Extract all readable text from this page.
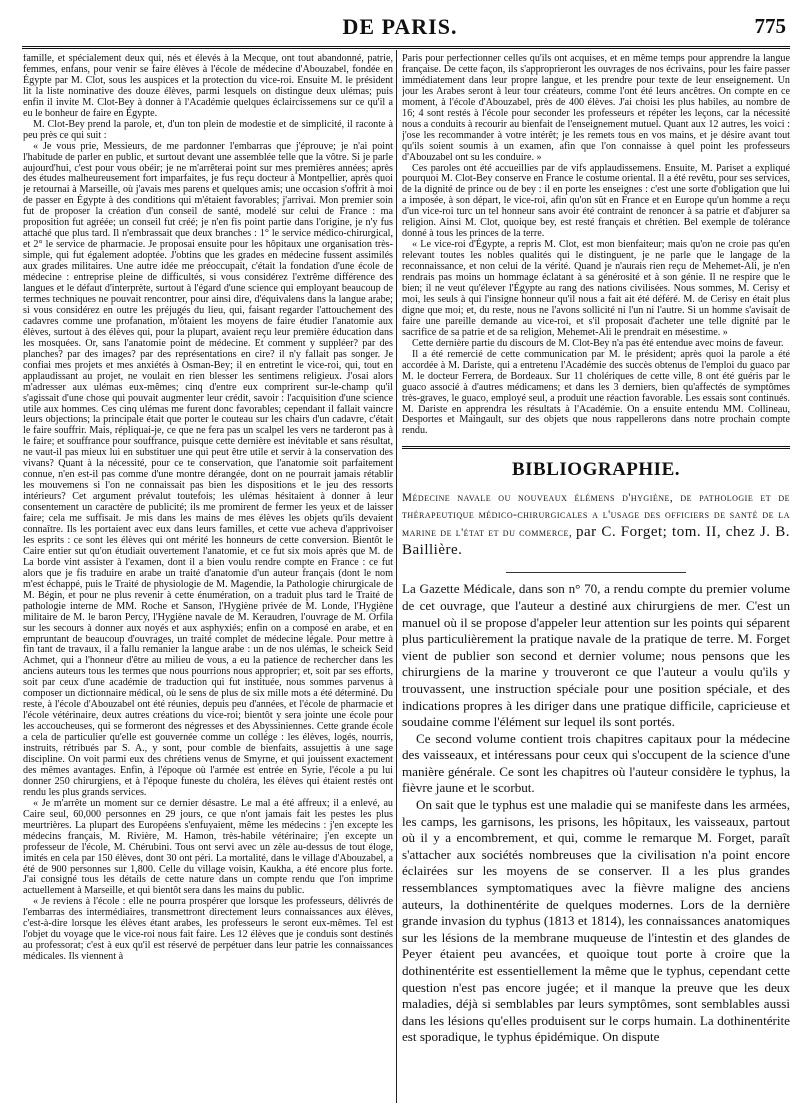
DE PARIS.	775

famille, et spécialement deux qui, nés et élevés à la Mecque, ont tout abandonné, patrie, femmes, enfans, pour venir se faire élèves à l'école de médecine d'Abouzabel, fondée en Égypte par M. Clot, sous les auspices et la protection du vice-roi. Ensuite M. le président lit la liste nominative des douze élèves, parmi lesquels on distingue deux ulémas; puis enfin il invite M. Clot-Bey à donner à l'Académie quelques éclaircissemens sur ce qu'il a eu le bonheur de faire en Égypte.

M. Clot-Bey prend la parole, et, d'un ton plein de modestie et de simplicité, il raconte à peu près ce qui suit :

« Je vous prie, Messieurs, de me pardonner l'embarras que j'éprouve; je n'ai point l'habitude de parler en public, et surtout devant une assemblée telle que la vôtre. Si je parle aujourd'hui, c'est pour vous obéir; je ne m'arrêterai point sur mes premières années; après des études malheureusement fort imparfaites, je fus reçu docteur à Montpellier, après quoi je retournai à Marseille, où j'avais mes parens et quelques amis; une occasion s'offrit à moi de passer en Égypte à des conditions qui m'étaient favorables; j'arrivai. Mon premier soin fut de proposer la création d'un conseil de santé, modelé sur celui de France : ma proposition fut agréée; un conseil fut créé; je n'en fis point partie dans l'origine, je n'y fus attaché que plus tard. Il n'embrassait que deux branches : 1° le service médico-chirurgical, et 2° le service de pharmacie. Je proposai ensuite pour les hôpitaux une organisation très-simple, qui fut également adoptée. J'obtins que les grades en médecine fussent assimilés aux grades militaires. Une autre idée me préoccupait, c'était la fondation d'une école de médecine : entreprise pleine de difficultés, si vous considérez l'extrême différence des langues et le défaut d'interprète, surtout à l'égard d'une science qui employant beaucoup de termes techniques ne pouvait rencontrer, pour ainsi dire, d'équivalens dans la langue arabe; si vous considérez en outre les préjugés du lieu, qui, faisant regarder l'attouchement des cadavres comme une profanation, m'ôtaient les moyens de faire étudier l'anatomie aux élèves, surtout à des élèves qui, pour la plupart, avaient reçu leur première éducation dans les mosquées. Or, sans l'anatomie point de médecine. Et comment y suppléer? par des planches? par des images? par des représentations en cire? il n'y fallait pas songer. Je confiai mes projets et mes anxiétés à Osman-Bey; il en entretint le vice-roi, qui, tout en applaudissant au projet, ne voulait en rien blesser les sentimens religieux. J'osai alors m'adresser aux ulémas eux-mêmes; cinq d'entre eux comprirent sur-le-champ qu'il s'agissait d'une chose qui pouvait augmenter leur crédit, savoir : l'acquisition d'une science utile aux hommes. Ces cinq ulémas me furent donc favorables; cependant il fallait vaincre leurs objections; la principale était que porter le couteau sur les chairs d'un cadavre, c'était le faire souffrir. Mais, répliquai-je, ce que ne fera pas un scalpel les vers ne tarderont pas à le faire; et souffrance pour souffrance, puisque cette dernière est inévitable et sans résultat, ne vaut-il pas mieux lui en substituer une qui peut être utile et servir à la conservation des vivans? Quant à la nécessité, pour ce te conservation, que l'anatomie soit parfaitement connue, n'en est-il pas comme d'une montre dérangée, dont on ne pourrait jamais rétablir les mouvemens si l'on ne connaissait pas bien les dispositions et le jeu des ressorts intérieurs? Cet argument prévalut toutefois; les ulémas hésitaient à donner à leur consentement un caractère de publicité; ils me promirent de fermer les yeux et de laisser faire; cela me suffisait. Je mis dans les mains de mes élèves les objets qu'ils devaient connaître. Ils les portaient avec eux dans leurs familles, et cette vue acheva d'apprivoiser les esprits : ce sont les élèves qui ont mérité les honneurs de cette conversion. Bientôt le Caire entier sut qu'on étudiait ouvertement l'anatomie, et ce fut six mois après que M. de La borde vint assister à l'examen, dont il a bien voulu rendre compte en France : ce fut alors que je fis traduire en arabe un traité d'anatomie d'un auteur français (dont le nom m'est échappé, puis le Traité de physiologie de M. Magendie, la Pathologie chirurgicale de M. Bégin, et pour ne plus revenir à cette énumération, on a traduit plus tard le Traité de pathologie interne de MM. Roche et Sanson, l'Hygiène privée de M. Londe, l'Hygiène militaire de M. le baron Percy, l'Hygiène navale de M. Keraudren, l'ouvrage de M. Orfila sur les secours à donner aux noyés et aux asphyxiés; enfin on a composé en arabe, et en empruntant de beaucoup d'ouvrages, un traité complet de médecine légale. Pour mettre à fin tant de travaux, il a fallu remanier la langue arabe : un de nos ulémas, le scheick Seid Achmet, qui a l'honneur d'être au milieu de vous, a eu la patience de rechercher dans les anciens auteurs tous les termes que nous pourrions nous approprier; et, soit par ses efforts, soit par ceux d'une académie de traduction qui fut instituée, nous sommes parvenus à composer un dictionnaire médical, où le sens de plus de six mille mots a été déterminé. Du reste, à l'école d'Abouzabel ont été réunies, depuis peu d'années, et l'école de pharmacie et l'école vétérinaire, deux autres créations du vice-roi; bientôt y sera jointe une école pour les accoucheuses, qui se formeront des négresses et des Abyssiniennes. Cette grande école a cela de particulier qu'elle est gouvernée comme un collége : les élèves, logés, nourris, instruits, rétribués par S. A., y sont, pour comble de bienfaits, assujettis à une sage discipline. On voit parmi eux des chrétiens venus de Smyrne, et qui jouissent exactement des mêmes avantages. Enfin, à l'époque où l'armée est entrée en Syrie, l'école a pu lui donner 250 chirurgiens, et à l'époque funeste du choléra, les élèves qui étaient restés ont rendu les plus grands services.

« Je m'arrête un moment sur ce dernier désastre. Le mal a été affreux; il a enlevé, au Caire seul, 60,000 personnes en 29 jours, ce que n'ont jamais fait les pestes les plus meurtrières. La plupart des Européens s'enfuyaient, même les médecins : j'en excepte les médecins français, M. Rivière, M. Hamon, très-habile vétérinaire; j'en excepte un professeur de l'école, M. Chérubini. Tous ont servi avec un zèle au-dessus de tout éloge, imités en cela par 150 élèves, dont 30 ont péri. La mortalité, dans le village d'Abouzabel, a été de 900 personnes sur 1,800. Celle du village voisin, Kaukha, a été encore plus forte. J'ai consigné tous les détails de cette nature dans un compte rendu que l'on imprime actuellement à Marseille, et qui bientôt sera dans les mains du public.

« Je reviens à l'école : elle ne pourra prospérer que lorsque les professeurs, délivrés de l'embarras des intermédiaires, transmettront directement leurs connaissances aux élèves, c'est-à-dire lorsque les élèves étant arabes, les professeurs le seront eux-mêmes. Tel est l'objet du voyage que le vice-roi nous fait faire. Les 12 élèves que je conduis sont destinés au professorat; c'est à eux qu'il est réservé de perpétuer dans leur patrie les connaissances médicales. Ils viennent à

Paris pour perfectionner celles qu'ils ont acquises, et en même temps pour apprendre la langue française. De cette façon, ils s'approprieront les ouvrages de nos écrivains, pour les faire passer immédiatement dans leur propre langue, et les prendre pour texte de leur enseignement. Un jour les Arabes seront à leur tour créateurs, comme l'ont été leurs ancêtres. On compte en ce moment, à l'école d'Abouzabel, près de 400 élèves. J'ai choisi les plus habiles, au nombre de 16; 4 sont restés à l'école pour seconder les professeurs et répéter les leçons, car la nécessité nous a conduits à recourir au bienfait de l'enseignement mutuel. Quant aux 12 autres, les voici : j'ose les recommander à votre intérêt; je les remets tous en vos mains, et je désire avant tout qu'ils soient soumis à un examen, afin que l'on connaisse à quel point les professeurs d'Abouzabel ont su les conduire. »

Ces paroles ont été accueillies par de vifs applaudissemens. Ensuite, M. Pariset a expliqué pourquoi M. Clot-Bey conserve en France le costume oriental. Il a été revêtu, pour ses services, de la dignité de prince ou de bey : il en porte les enseignes : c'est une sorte d'obligation que lui a imposée, à son départ, le vice-roi, afin qu'on sût en France et en Europe qu'un homme a reçu d'un vice-roi turc un tel honneur sans avoir été contraint de renoncer à sa patrie et d'abjurer sa religion. Ainsi M. Clot, quoique bey, est resté français et chrétien. Bel exemple de tolérance donné à tous les princes de la terre.

« Le vice-roi d'Égypte, a repris M. Clot, est mon bienfaiteur; mais qu'on ne croie pas qu'en relevant toutes les nobles qualités qui le distinguent, je ne parle que le langage de la reconnaissance, et non celui de la vérité. Quand je n'aurais rien reçu de Mehemet-Ali, je n'en rendrais pas moins un hommage éclatant à sa générosité et à son génie. Il ne respire que le bien; il ne veut qu'élever l'Égypte au rang des nations civilisées. Nous sommes, M. Cerisy et moi, les seuls à qui l'insigne honneur qu'il nous a fait ait été déféré. M. de Cerisy en était plus digne que moi; et, du reste, nous ne l'avons sollicité ni l'un ni l'autre. Si un homme s'avisait de faire une pareille demande au vice-roi, et s'il proposait d'acheter une telle dignité par le sacrifice de sa patrie et de sa religion, Mehemet-Ali le prendrait en mésestime. »

Cette dernière partie du discours de M. Clot-Bey n'a pas été entendue avec moins de faveur.

Il a été remercié de cette communication par M. le président; après quoi la parole a été accordée à M. Dariste, qui a entretenu l'Académie des succès obtenus de l'emploi du guaco par M. le docteur Ferrera, de Bordeaux. Sur 11 cholériques de cette ville, 8 ont été guéris par le guaco associé à d'autres médicamens; et dans les 3 derniers, bien qu'affectés de symptômes très-graves, le guaco, employé seul, a produit une réaction favorable. Les essais sont continués. M. Dariste en apprendra les résultats à l'Académie. On a ensuite entendu MM. Collineau, Desportes et Maingault, sur des objets que nous rappellerons dans notre prochain compte rendu.

BIBLIOGRAPHIE.

Médecine navale ou nouveaux élémens d'hygiène, de pathologie et de thérapeutique médico-chirurgicales a l'usage des officiers de santé de la marine de l'état et du commerce, par C. Forget; tom. II, chez J. B. Baillière.

La Gazette Médicale, dans son n° 70, a rendu compte du premier volume de cet ouvrage, que l'auteur a destiné aux chirurgiens de mer. C'est un manuel où il se propose d'appeler leur attention sur les points qui séparent plus particulièrement la pratique navale de la pratique de terre. M. Forget vient de publier son second et dernier volume; nous pensons que les chirurgiens de la marine y trouveront ce que l'auteur a voulu qu'ils y trouvassent, une instruction spéciale pour une position spéciale, et des indications propres à les diriger dans une pratique difficile, capricieuse et soudaine comme l'élément sur lequel ils sont portés.

Ce second volume contient trois chapitres capitaux pour la médecine des vaisseaux, et intéressans pour ceux qui s'occupent de la science d'une manière générale. Ce sont les chapitres où l'auteur considère le typhus, la fièvre jaune et le scorbut.

On sait que le typhus est une maladie qui se manifeste dans les armées, les camps, les garnisons, les prisons, les hôpitaux, les vaisseaux, partout où il y a encombrement, et qui, comme le remarque M. Forget, paraît s'attacher aux sociétés nombreuses que la civilisation n'a point encore éclairées sur les moyens de se conserver. Il a les plus grandes ressemblances symptomatiques avec la fièvre maligne des anciens auteurs, la dothinentérite de quelques modernes. Lors de la dernière grande invasion du typhus (1813 et 1814), les connaissances anatomiques sur les lésions de la membrane muqueuse de l'intestin et des glandes de Peyer étaient peu avancées, et quoique tout porte à croire que la dothinentérite est essentiellement la même que le typhus, cependant cette question n'est pas encore jugée; et il manque la preuve que les deux maladies, déjà si semblables par leurs symptômes, sont semblables aussi dans les lésions qu'elles produisent sur le corps humain. La dothinentérite est sporadique, le typhus épidémique. On dispute
